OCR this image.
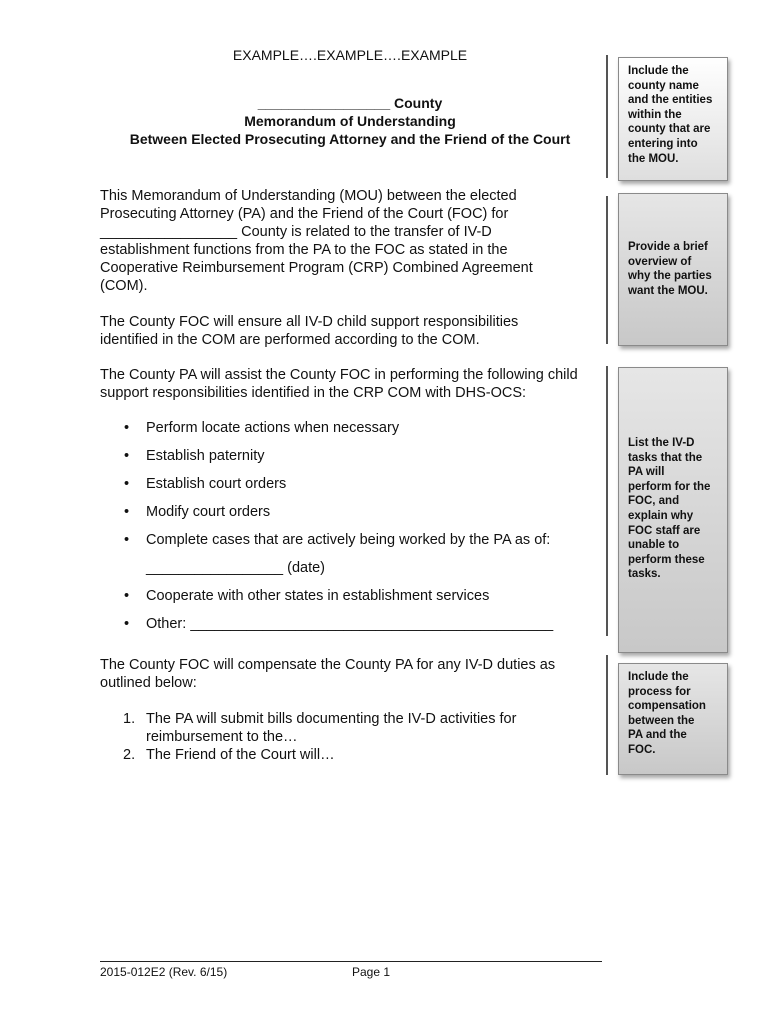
EXAMPLE….EXAMPLE….EXAMPLE
_________________ County
Memorandum of Understanding
Between Elected Prosecuting Attorney and the Friend of the Court
This Memorandum of Understanding (MOU) between the elected
Prosecuting Attorney (PA) and the Friend of the Court (FOC) for
_________________ County is related to the transfer of IV-D
establishment functions from the PA to the FOC as stated in the
Cooperative Reimbursement Program (CRP) Combined Agreement
(COM).
The County FOC will ensure all IV-D child support responsibilities
identified in the COM are performed according to the COM.
The County PA will assist the County FOC in performing the following child
support responsibilities identified in the CRP COM with DHS-OCS:
• Perform locate actions when necessary
• Establish paternity
• Establish court orders
• Modify court orders
• Complete cases that are actively being worked by the PA as of:
_________________ (date)
• Cooperate with other states in establishment services
• Other: _____________________________________________
The County FOC will compensate the County PA for any IV-D duties as
outlined below:
1. The PA will submit bills documenting the IV-D activities for
reimbursement to the…
2. The Friend of the Court will…
Include the
county name
and the entities
within the
county that are
entering into
the MOU.
Provide a brief
overview of
why the parties
want the MOU.
List the IV-D
tasks that the
PA will
perform for the
FOC, and
explain why
FOC staff are
unable to
perform these
tasks.
Include the
process for
compensation
between the
PA and the
FOC.
2015-012E2 (Rev. 6/15)	Page 1
